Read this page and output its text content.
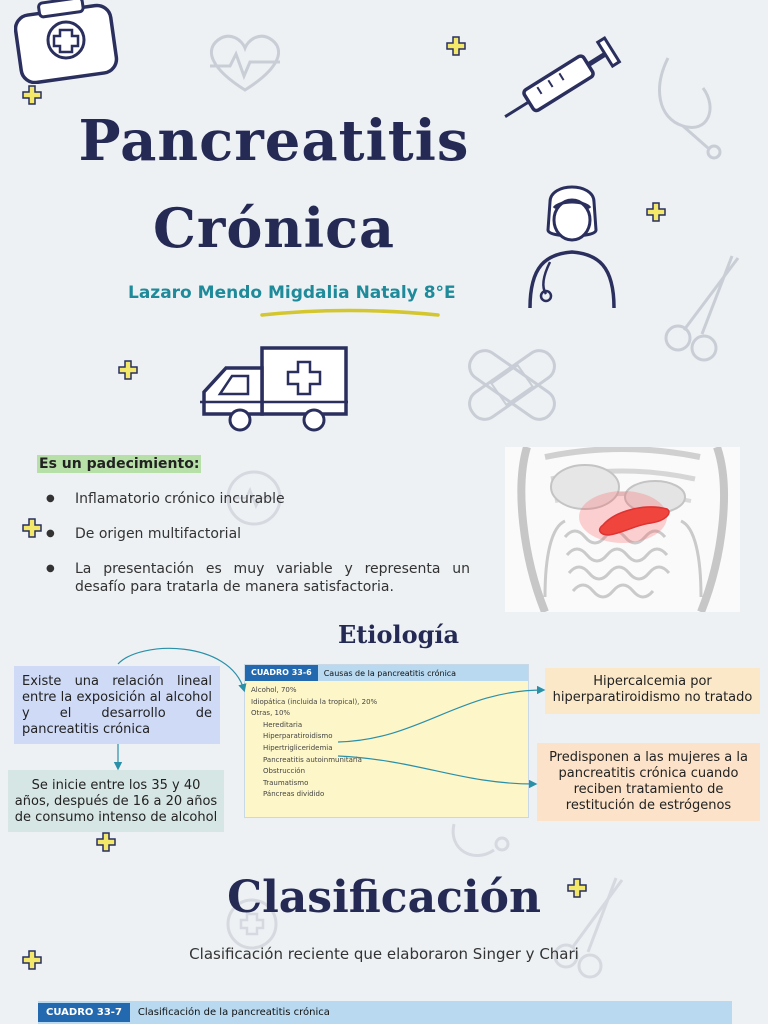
Pancreatitis
Crónica
Lazaro Mendo Migdalia Nataly 8°E
Es un padecimiento:
● Inflamatorio crónico incurable
● De origen multifactorial
● La presentación es muy variable y representa un desafío para tratarla de manera satisfactoria.
Etiología
Existe una relación lineal entre la exposición al alcohol y el desarrollo de pancreatitis crónica
Se inicie entre los 35 y 40 años, después de 16 a 20 años de consumo intenso de alcohol
Hipercalcemia por hiperparatiroidismo no tratado
Predisponen a las mujeres a la pancreatitis crónica cuando reciben tratamiento de restitución de estrógenos
CUADRO 33-6	Causas de la pancreatitis crónica
Alcohol, 70%
Idiopática (incluida la tropical), 20%
Otras, 10%
Hereditaria
Hiperparatiroidismo
Hipertrigliceridemia
Pancreatitis autoinmunitaria
Obstrucción
Traumatismo
Páncreas dividido
Clasificación
Clasificación reciente que elaboraron Singer y Chari
CUADRO 33-7	Clasificación de la pancreatitis crónica
